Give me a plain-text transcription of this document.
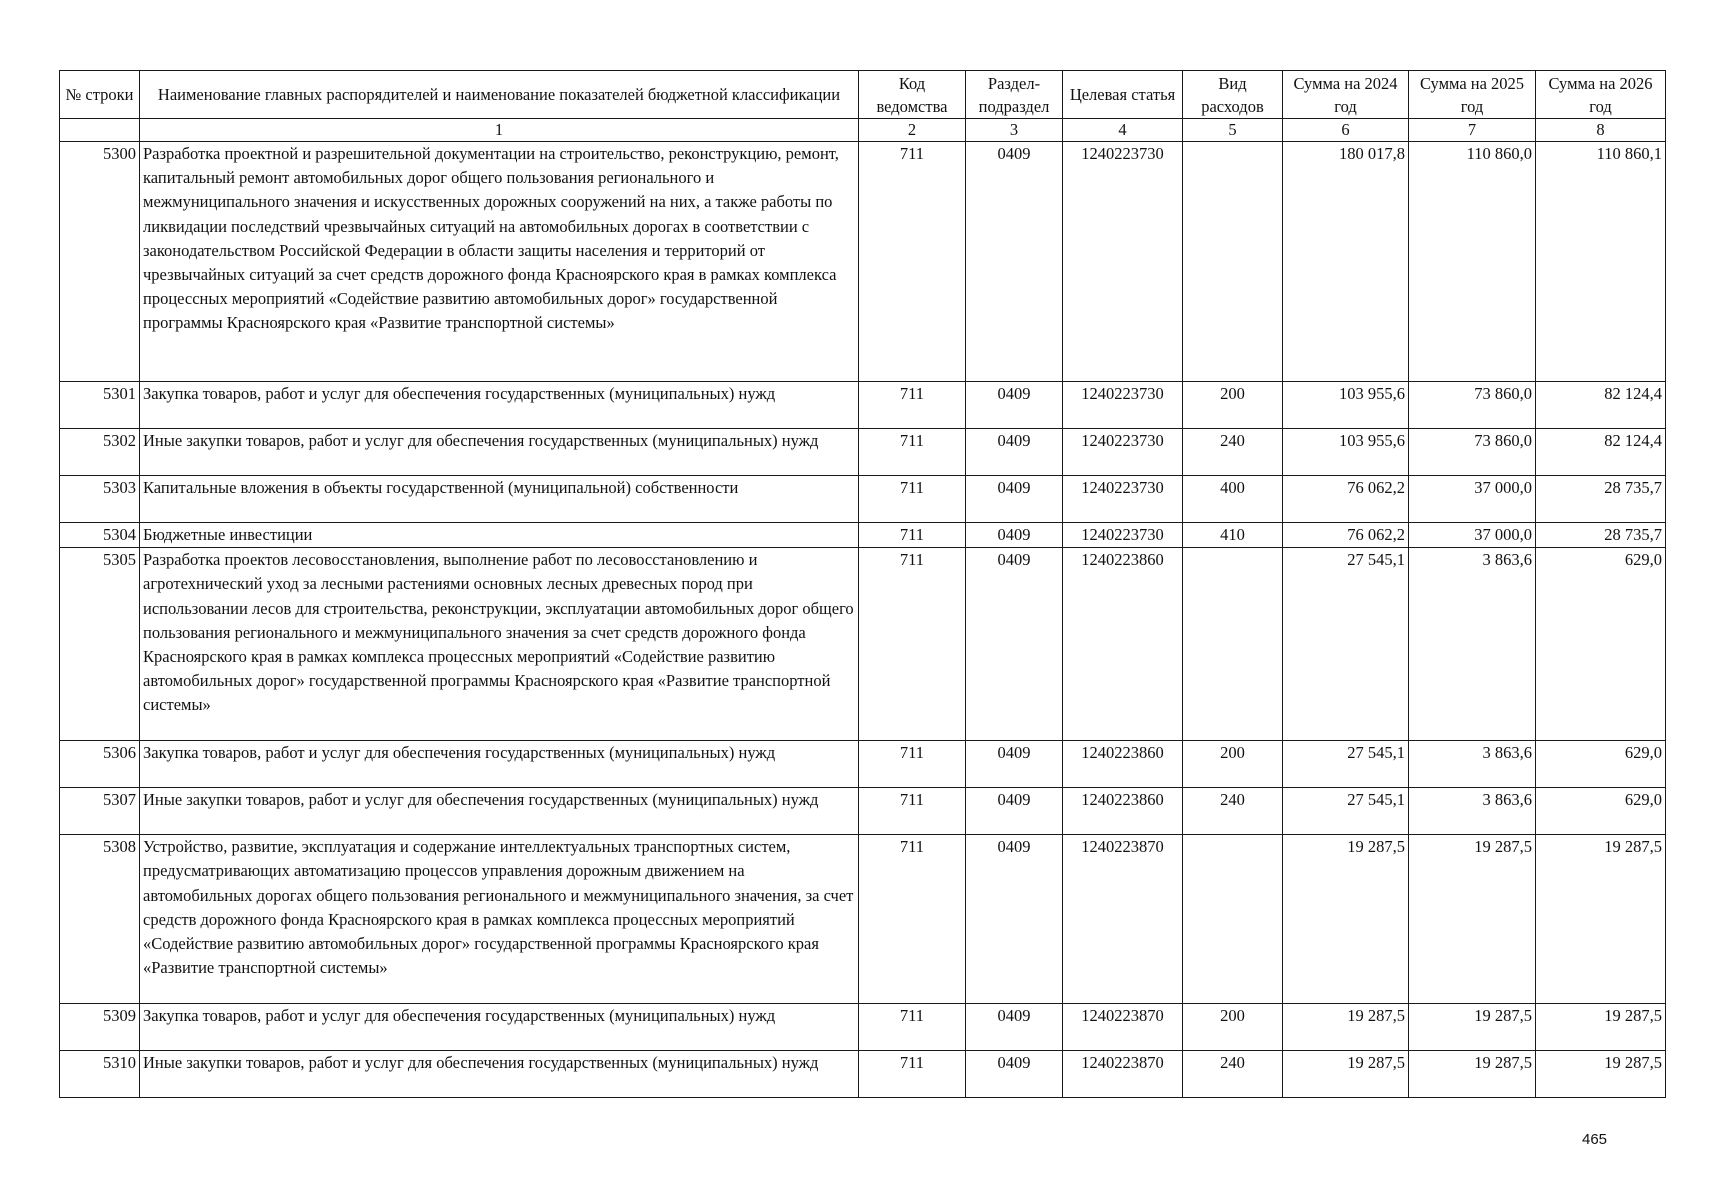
№ строки	Наименование главных распорядителей и наименование показателей бюджетной классификации	Код ведомства	Раздел-подраздел	Целевая статья	Вид расходов	Сумма на 2024 год	Сумма на 2025 год	Сумма на 2026 год
	1	2	3	4	5	6	7	8
5300	Разработка проектной и разрешительной документации на строительство, реконструкцию, ремонт, капитальный ремонт автомобильных дорог общего пользования регионального и межмуниципального значения и искусственных дорожных сооружений на них, а также работы по ликвидации последствий чрезвычайных ситуаций на автомобильных дорогах в соответствии с законодательством Российской Федерации в области защиты населения и территорий от чрезвычайных ситуаций за счет средств дорожного фонда Красноярского края в рамках комплекса процессных мероприятий «Содействие развитию автомобильных дорог» государственной программы Красноярского края «Развитие транспортной системы»	711	0409	1240223730		180 017,8	110 860,0	110 860,1
5301	Закупка товаров, работ и услуг для обеспечения государственных (муниципальных) нужд	711	0409	1240223730	200	103 955,6	73 860,0	82 124,4
5302	Иные закупки товаров, работ и услуг для обеспечения государственных (муниципальных) нужд	711	0409	1240223730	240	103 955,6	73 860,0	82 124,4
5303	Капитальные вложения в объекты государственной (муниципальной) собственности	711	0409	1240223730	400	76 062,2	37 000,0	28 735,7
5304	Бюджетные инвестиции	711	0409	1240223730	410	76 062,2	37 000,0	28 735,7
5305	Разработка проектов лесовосстановления, выполнение работ по лесовосстановлению и агротехнический уход за лесными растениями основных лесных древесных пород при использовании лесов для строительства, реконструкции, эксплуатации автомобильных дорог общего пользования регионального и межмуниципального значения за счет средств дорожного фонда Красноярского края в рамках комплекса процессных мероприятий «Содействие развитию автомобильных дорог» государственной программы Красноярского края «Развитие транспортной системы»	711	0409	1240223860		27 545,1	3 863,6	629,0
5306	Закупка товаров, работ и услуг для обеспечения государственных (муниципальных) нужд	711	0409	1240223860	200	27 545,1	3 863,6	629,0
5307	Иные закупки товаров, работ и услуг для обеспечения государственных (муниципальных) нужд	711	0409	1240223860	240	27 545,1	3 863,6	629,0
5308	Устройство, развитие, эксплуатация и содержание интеллектуальных транспортных систем, предусматривающих автоматизацию процессов управления дорожным движением на автомобильных дорогах общего пользования регионального и межмуниципального значения, за счет средств дорожного фонда Красноярского края в рамках комплекса процессных мероприятий «Содействие развитию автомобильных дорог» государственной программы Красноярского края «Развитие транспортной системы»	711	0409	1240223870		19 287,5	19 287,5	19 287,5
5309	Закупка товаров, работ и услуг для обеспечения государственных (муниципальных) нужд	711	0409	1240223870	200	19 287,5	19 287,5	19 287,5
5310	Иные закупки товаров, работ и услуг для обеспечения государственных (муниципальных) нужд	711	0409	1240223870	240	19 287,5	19 287,5	19 287,5
465
